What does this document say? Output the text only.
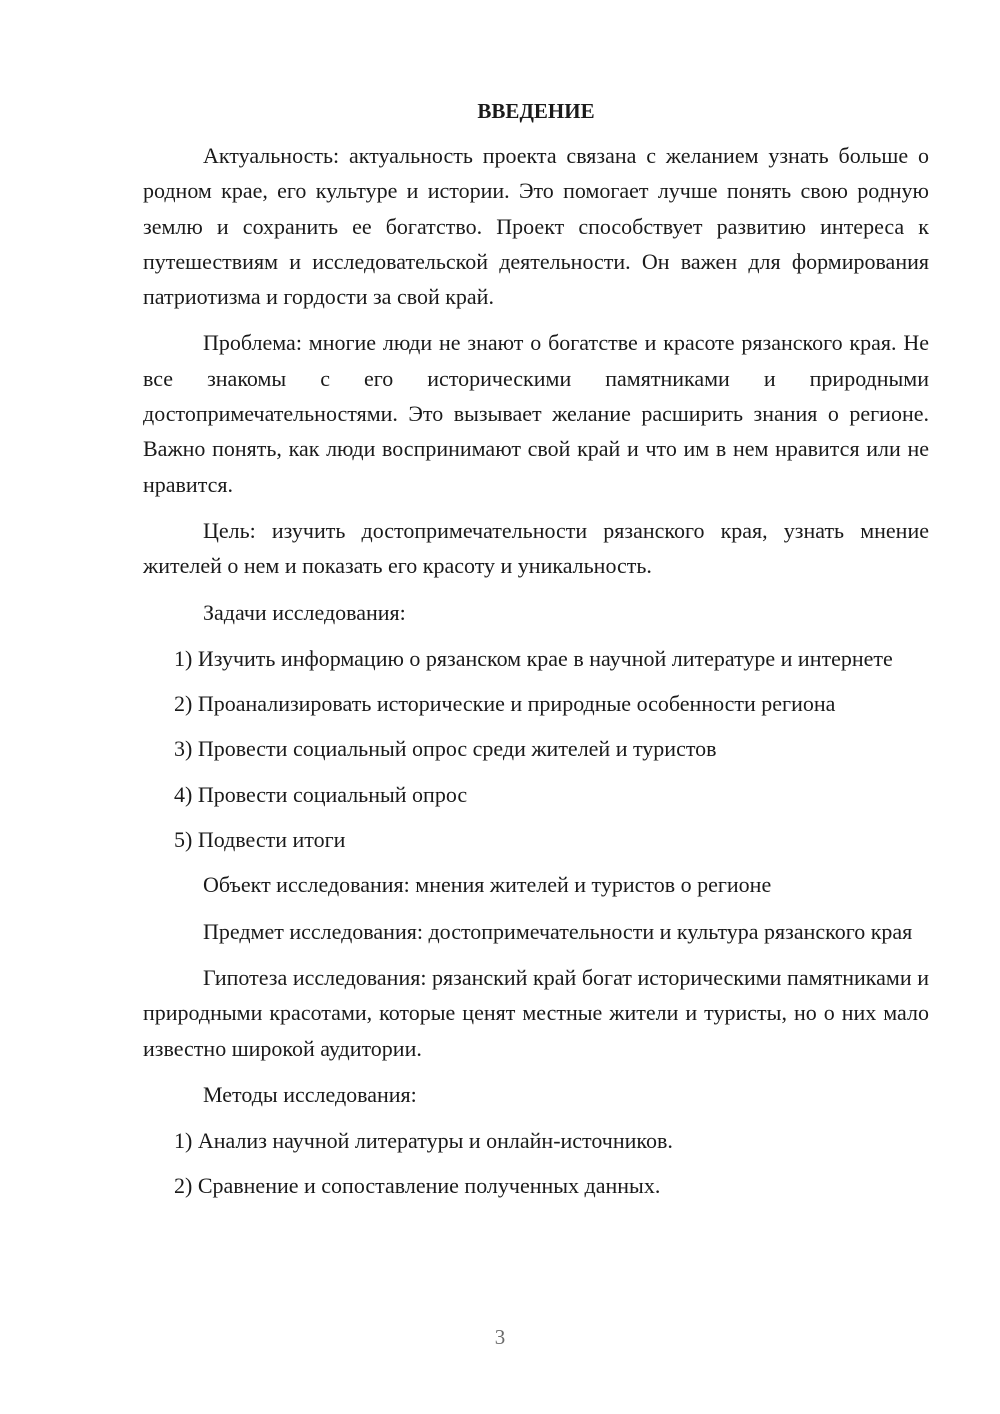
ВВЕДЕНИЕ

Актуальность: актуальность проекта связана с желанием узнать больше о родном крае, его культуре и истории. Это помогает лучше понять свою родную землю и сохранить ее богатство. Проект способствует развитию интереса к путешествиям и исследовательской деятельности. Он важен для формирования патриотизма и гордости за свой край.

Проблема: многие люди не знают о богатстве и красоте рязанского края. Не все знакомы с его историческими памятниками и природными достопримечательностями. Это вызывает желание расширить знания о регионе. Важно понять, как люди воспринимают свой край и что им в нем нравится или не нравится.

Цель: изучить достопримечательности рязанского края, узнать мнение жителей о нем и показать его красоту и уникальность.

Задачи исследования:

1) Изучить информацию о рязанском крае в научной литературе и интернете

2) Проанализировать исторические и природные особенности региона

3) Провести социальный опрос среди жителей и туристов

4) Провести социальный опрос

5) Подвести итоги

Объект исследования: мнения жителей и туристов о регионе

Предмет исследования: достопримечательности и культура рязанского края

Гипотеза исследования: рязанский край богат историческими памятниками и природными красотами, которые ценят местные жители и туристы, но о них мало известно широкой аудитории.

Методы исследования:

1) Анализ научной литературы и онлайн-источников.

2) Сравнение и сопоставление полученных данных.

3
